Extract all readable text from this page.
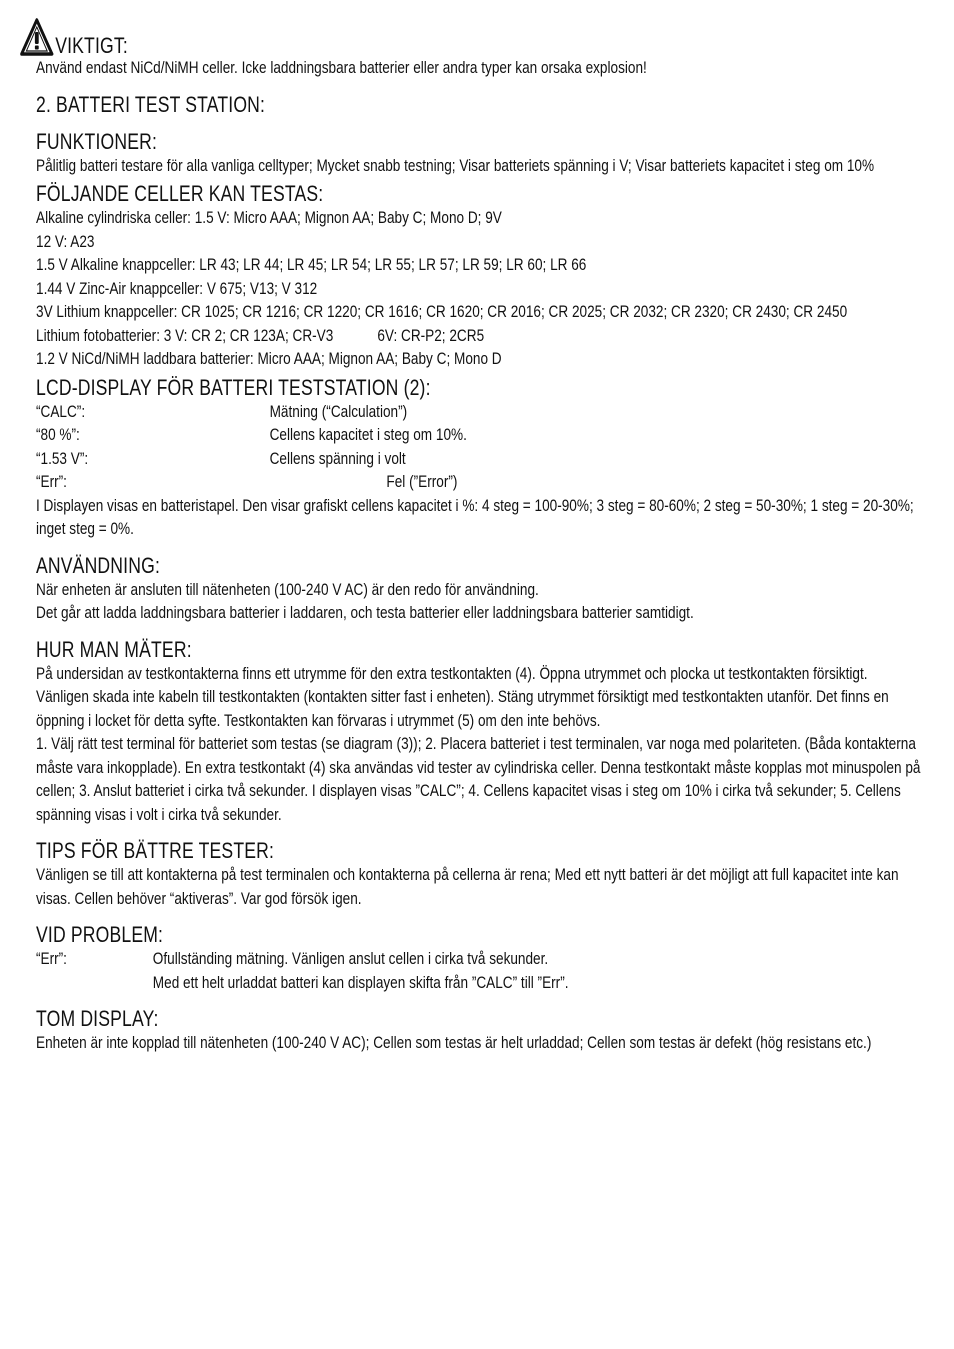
VIKTIGT:

Använd endast NiCd/NiMH celler. Icke laddningsbara batterier eller andra typer kan orsaka explosion!

2. BATTERI TEST STATION:
FUNKTIONER:

Pålitlig batteri testare för alla vanliga celltyper; Mycket snabb testning; Visar batteriets spänning i V; Visar batteriets kapacitet i steg om 10%

FÖLJANDE CELLER KAN TESTAS:

Alkaline cylindriska celler: 1.5 V: Micro AAA; Mignon AA; Baby C; Mono D; 9V

12 V: A23

1.5 V Alkaline knappceller: LR 43; LR 44; LR 45; LR 54; LR 55; LR 57; LR 59; LR 60; LR 66

1.44 V Zinc-Air knappceller: V 675; V13; V 312

3V Lithium knappceller: CR 1025; CR 1216; CR 1220; CR 1616; CR 1620; CR 2016; CR 2025; CR 2032; CR 2320; CR 2430; CR 2450

Lithium fotobatterier: 3 V: CR 2; CR 123A; CR-V3	6V: CR-P2; 2CR5

1.2 V NiCd/NiMH laddbara batterier: Micro AAA; Mignon AA; Baby C; Mono D

LCD-DISPLAY FÖR BATTERI TESTSTATION (2):
“CALC”:	Mätning (“Calculation”)
“80 %”:	Cellens kapacitet i steg om 10%.
“1.53 V”:	Cellens spänning i volt
“Err”:	Fel (”Error”)

I Displayen visas en batteristapel. Den visar grafiskt cellens kapacitet i %: 4 steg = 100-90%; 3 steg = 80-60%; 2 steg = 50-30%; 1 steg = 20-30%; inget steg = 0%.

ANVÄNDNING:

När enheten är ansluten till nätenheten (100-240 V AC) är den redo för användning.

Det går att ladda laddningsbara batterier i laddaren, och testa batterier eller laddningsbara batterier samtidigt.

HUR MAN MÄTER:

På undersidan av testkontakterna finns ett utrymme för den extra testkontakten (4). Öppna utrymmet och plocka ut testkontakten försiktigt. Vänligen skada inte kabeln till testkontakten (kontakten sitter fast i enheten). Stäng utrymmet försiktigt med testkontakten utanför. Det finns en öppning i locket för detta syfte. Testkontakten kan förvaras i utrymmet (5) om den inte behövs.

1. Välj rätt test terminal för batteriet som testas (se diagram (3)); 2. Placera batteriet i test terminalen, var noga med polariteten. (Båda kontakterna måste vara inkopplade). En extra testkontakt (4) ska användas vid tester av cylindriska celler. Denna testkontakt måste kopplas mot minuspolen på cellen; 3. Anslut batteriet i cirka två sekunder. I displayen visas ”CALC”; 4. Cellens kapacitet visas i steg om 10% i cirka två sekunder; 5. Cellens spänning visas i volt i cirka två sekunder.

TIPS FÖR BÄTTRE TESTER:

Vänligen se till att kontakterna på test terminalen och kontakterna på cellerna är rena; Med ett nytt batteri är det möjligt att full kapacitet inte kan visas. Cellen behöver “aktiveras”. Var god försök igen.

VID PROBLEM:
“Err”:	Ofullständing mätning. Vänligen anslut cellen i cirka två sekunder.

Med ett helt urladdat batteri kan displayen skifta från ”CALC” till ”Err”.

TOM DISPLAY:

Enheten är inte kopplad till nätenheten (100-240 V AC); Cellen som testas är helt urladdad; Cellen som testas är defekt (hög resistans etc.)
